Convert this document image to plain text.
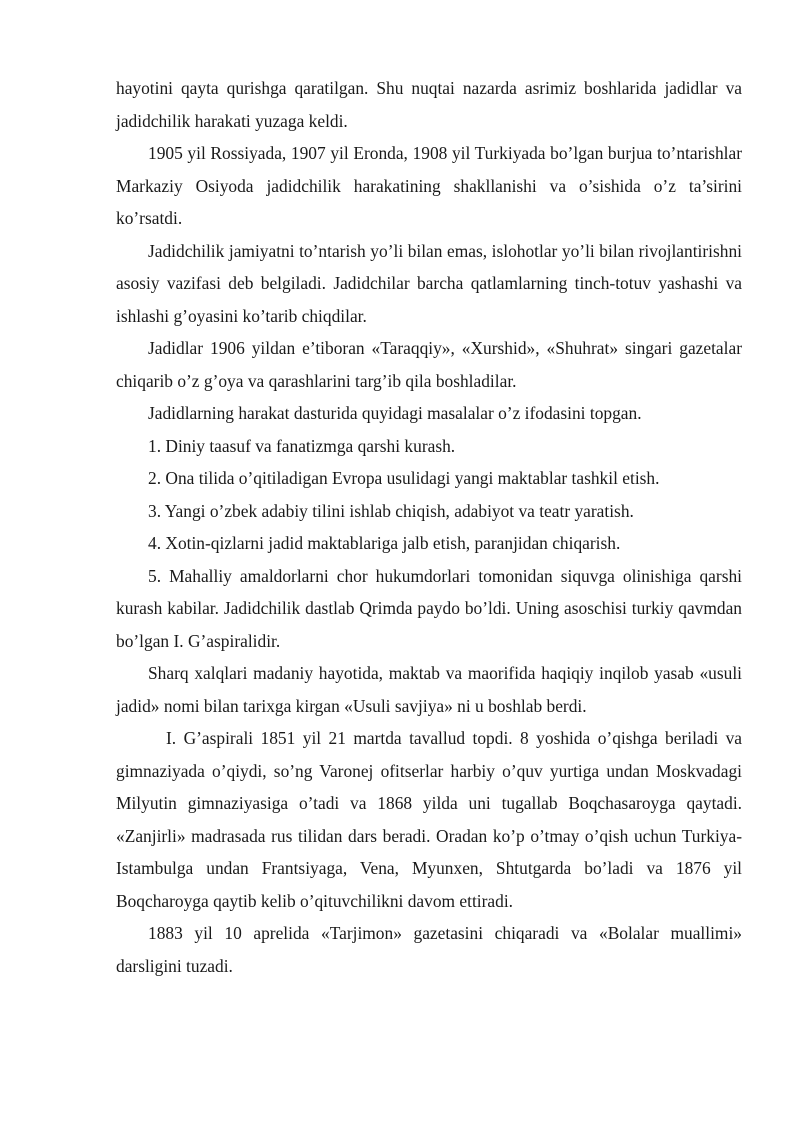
hayotini qayta qurishga qaratilgan. Shu nuqtai nazarda asrimiz boshlarida jadidlar va jadidchilik harakati yuzaga keldi.

1905 yil Rossiyada, 1907 yil Eronda, 1908 yil Turkiyada bo’lgan burjua to’ntarishlar Markaziy Osiyoda jadidchilik harakatining shakllanishi va o’sishida o’z ta’sirini ko’rsatdi.

Jadidchilik jamiyatni to’ntarish yo’li bilan emas, islohotlar yo’li bilan rivojlantirishni asosiy vazifasi deb belgiladi. Jadidchilar barcha qatlamlarning tinch-totuv yashashi va ishlashi g’oyasini ko’tarib chiqdilar.

Jadidlar 1906 yildan e’tiboran «Taraqqiy», «Xurshid», «Shuhrat» singari gazetalar chiqarib o’z g’oya va qarashlarini targ’ib qila boshladilar.

Jadidlarning harakat dasturida quyidagi masalalar o’z ifodasini topgan.

1. Diniy taasuf va fanatizmga qarshi kurash.

2. Ona tilida o’qitiladigan Evropa usulidagi yangi maktablar tashkil etish.

3. Yangi o’zbek adabiy tilini ishlab chiqish, adabiyot va teatr yaratish.

4. Xotin-qizlarni jadid maktablariga jalb etish, paranjidan chiqarish.

5. Mahalliy amaldorlarni chor hukumdorlari tomonidan siquvga olinishiga qarshi kurash kabilar. Jadidchilik dastlab Qrimda paydo bo’ldi. Uning asoschisi turkiy qavmdan bo’lgan I. G’aspiralidir.

Sharq xalqlari madaniy hayotida, maktab va maorifida haqiqiy inqilob yasab «usuli jadid» nomi bilan tarixga kirgan «Usuli savjiya» ni u boshlab berdi.

I. G’aspirali 1851 yil 21 martda tavallud topdi. 8 yoshida o’qishga beriladi va gimnaziyada o’qiydi, so’ng Varonej ofitserlar harbiy o’quv yurtiga undan Moskvadagi Milyutin gimnaziyasiga o’tadi va 1868 yilda uni tugallab Boqchasaroyga qaytadi. «Zanjirli» madrasada rus tilidan dars beradi. Oradan ko’p o’tmay o’qish uchun Turkiya-Istambulga undan Frantsiyaga, Vena, Myunxen, Shtutgarda bo’ladi va 1876 yil Boqcharoyga qaytib kelib o’qituvchilikni davom ettiradi.

1883 yil 10 aprelida «Tarjimon» gazetasini chiqaradi va «Bolalar muallimi» darsligini tuzadi.
